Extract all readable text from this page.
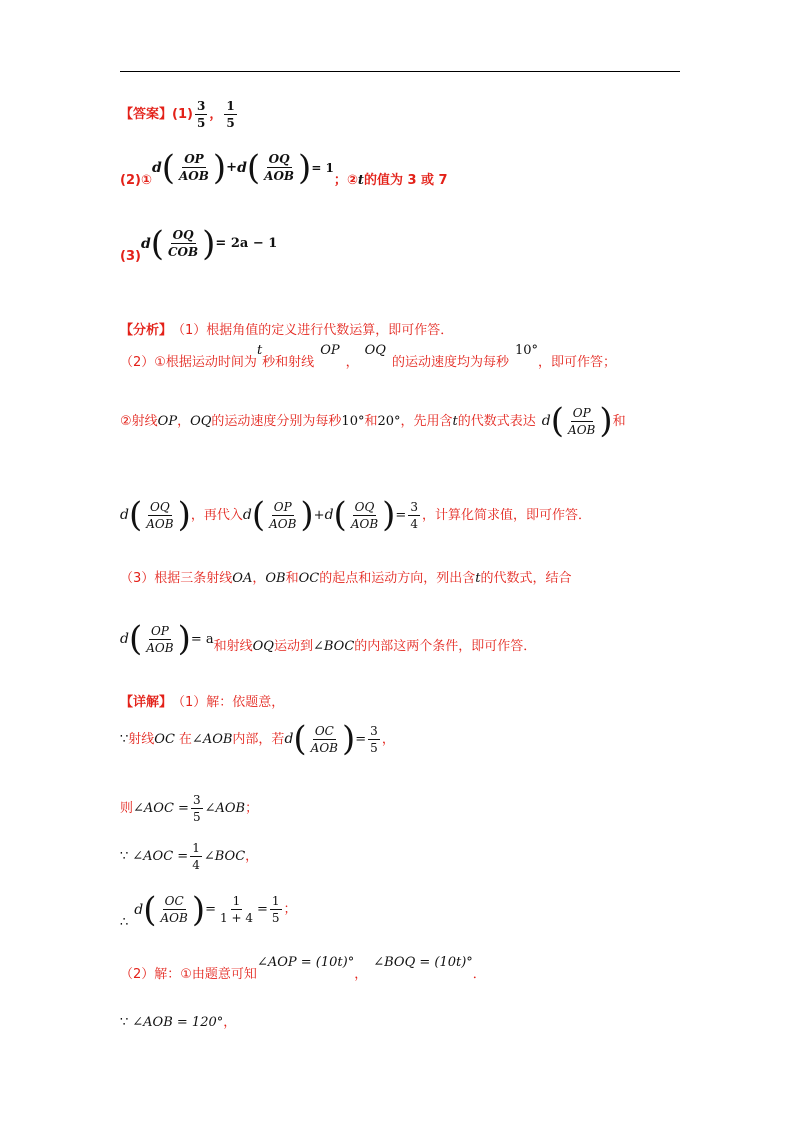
【答案】 $(1) \frac{3}{5}$ ， $\frac{1}{5}$
(2)①
d ( $\frac{OP}{\text{AOB}}$ ) + d ( $\frac{OQ}{\text{AOB}}$ ) = 1
；② t 的值为 3 或 7
(3)
d ( $\frac{OQ}{\text{COB}}$ ) = 2a − 1
【分析】 （1）根据角值的定义进行代数运算，即可作答．
（2）①根据运动时间为
t
秒和射线
OP
，
OQ
的运动速度均为每秒
10°
，即可作答；
②射线 OP ， OQ 的运动速度分别为每秒 10° 和 20° ，先用含 t 的代数式表达 d ( $\frac{OP}{\text{AOB}}$ ) 和
d ( $\frac{OQ}{\text{AOB}}$ ) ，再代入 d ( $\frac{OP}{\text{AOB}}$ ) + d ( $\frac{OQ}{\text{AOB}}$ ) = $\frac{3}{4}$ ，计算化简求值，即可作答．
（3）根据三条射线 OA ， OB 和 OC 的起点和运动方向，列出含 t 的代数式，结合
d ( $\frac{OP}{\text{AOB}}$ ) = a 和射线 OQ 运动到 ∠BOC 的内部这两个条件，即可作答．
【详解】 （1）解：依题意，
∵ 射线 OC 在 ∠AOB 内部，若 d ( $\frac{OC}{\text{AOB}}$ ) = $\frac{3}{5}$ ，
则 ∠AOC = $\frac{3}{5}$ ∠AOB ；
∵ ∠AOC = $\frac{1}{4}$ ∠BOC ，
∴
d ( $\frac{OC}{\text{AOB}}$ ) = $\frac{1}{1 + 4} = \frac{1}{5}$ ；
（2）解：①由题意可知
∠AOP = (10t)°
，
∠BOQ = (10t)°
．
∵ ∠AOB = 120° ，
